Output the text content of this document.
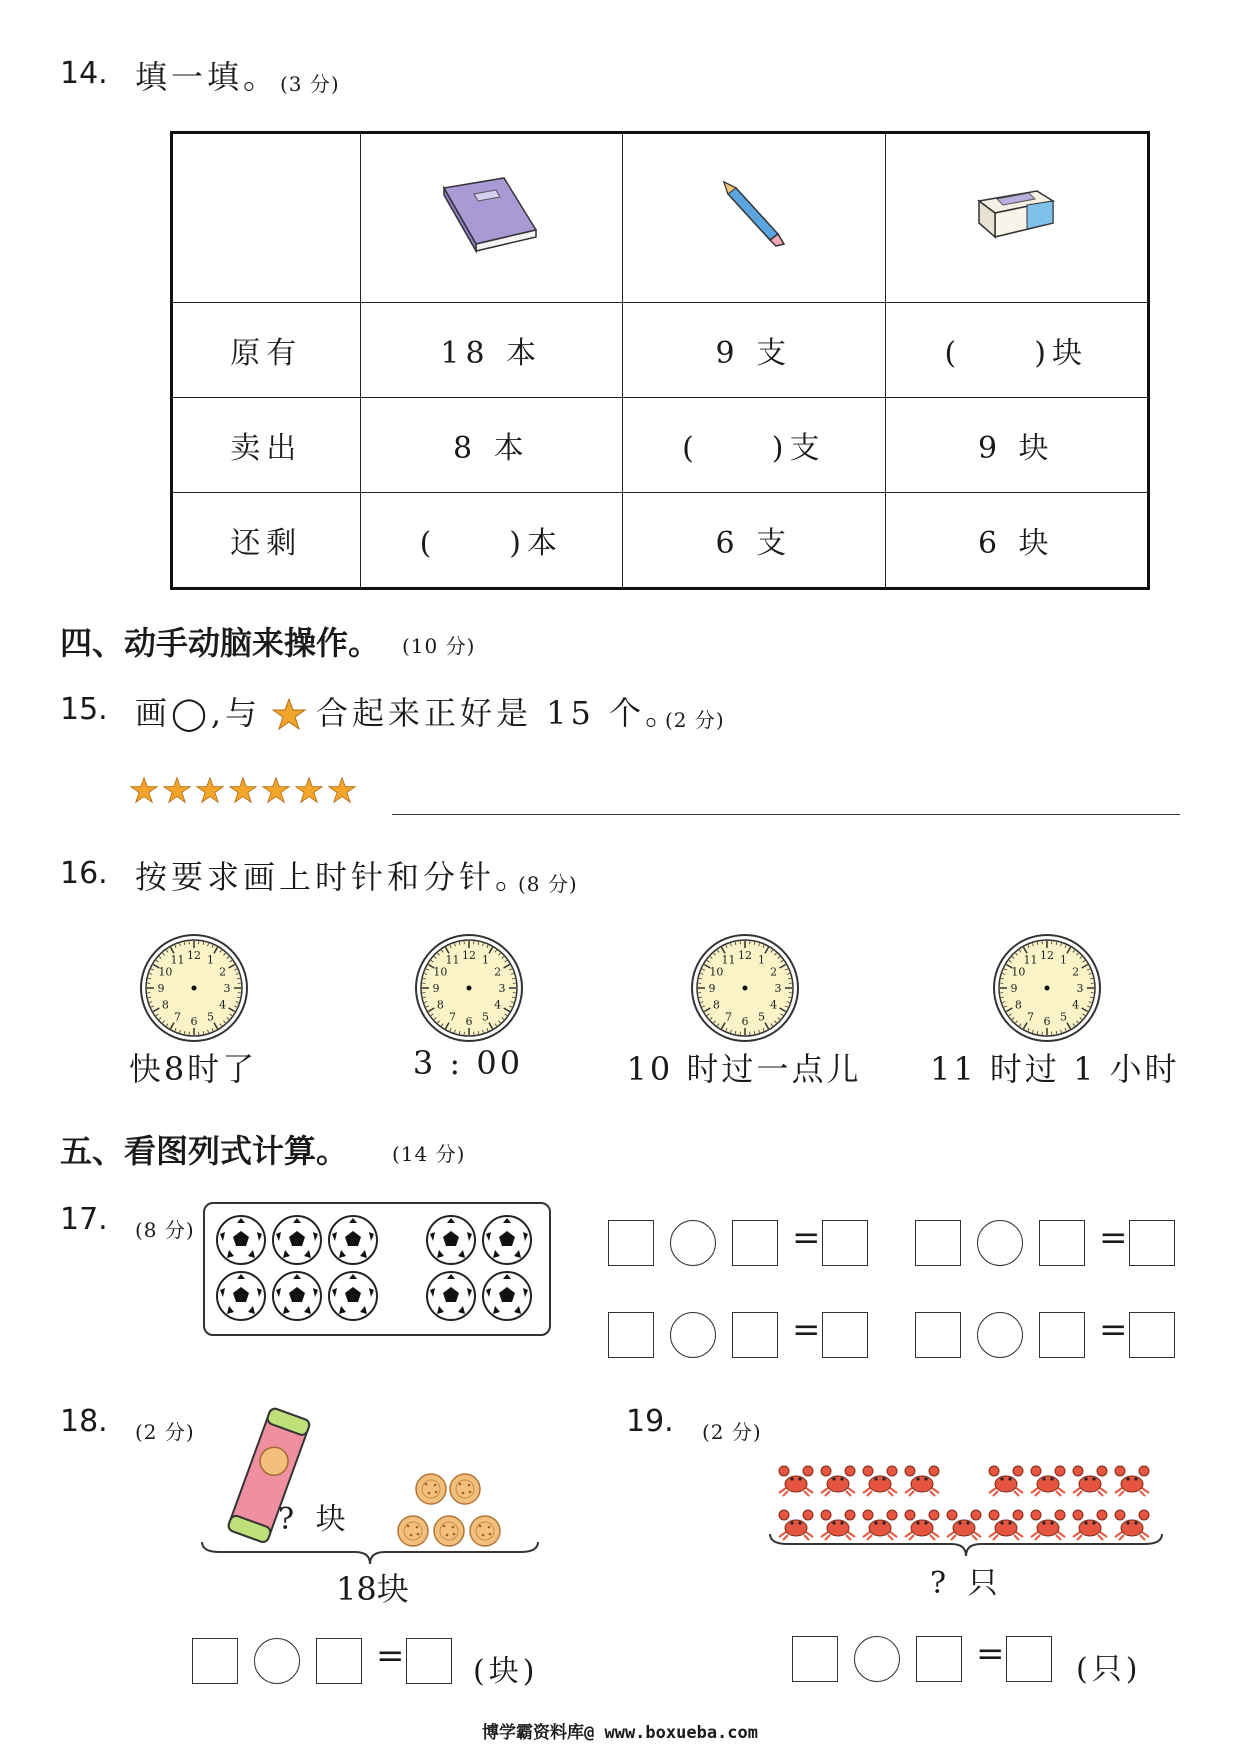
14. 填一填。 (3 分)

原有	18 本	9 支	(　　)块
卖出	8 本	(　　)支	9 块
还剩	(　　)本	6 支	6 块
四、动手动脑来操作。 (10 分)
15. 画◯,与 合起来正好是 15 个。
(2 分)
16. 按要求画上时针和分针。
(8 分)
1
2
3
4
5
6
7
8
9
10
11 12	1
2
3
4
5
6
7
8
9
10
11 12	1
2
3
4
5
6
7
8
9
10
11 12	1
2
3
4
5
6
7
8
9
10
11 12
快8时了	3 : 00	10 时过一点儿 11 时过 1 小时
五、看图列式计算。 (14 分)
17. (8 分)	=	=
=	=
=	=
18. (2 分)
? 块
18块
(块)
19. (2 分)
? 只
(只)
博学霸资料库@ www.boxueba.com
